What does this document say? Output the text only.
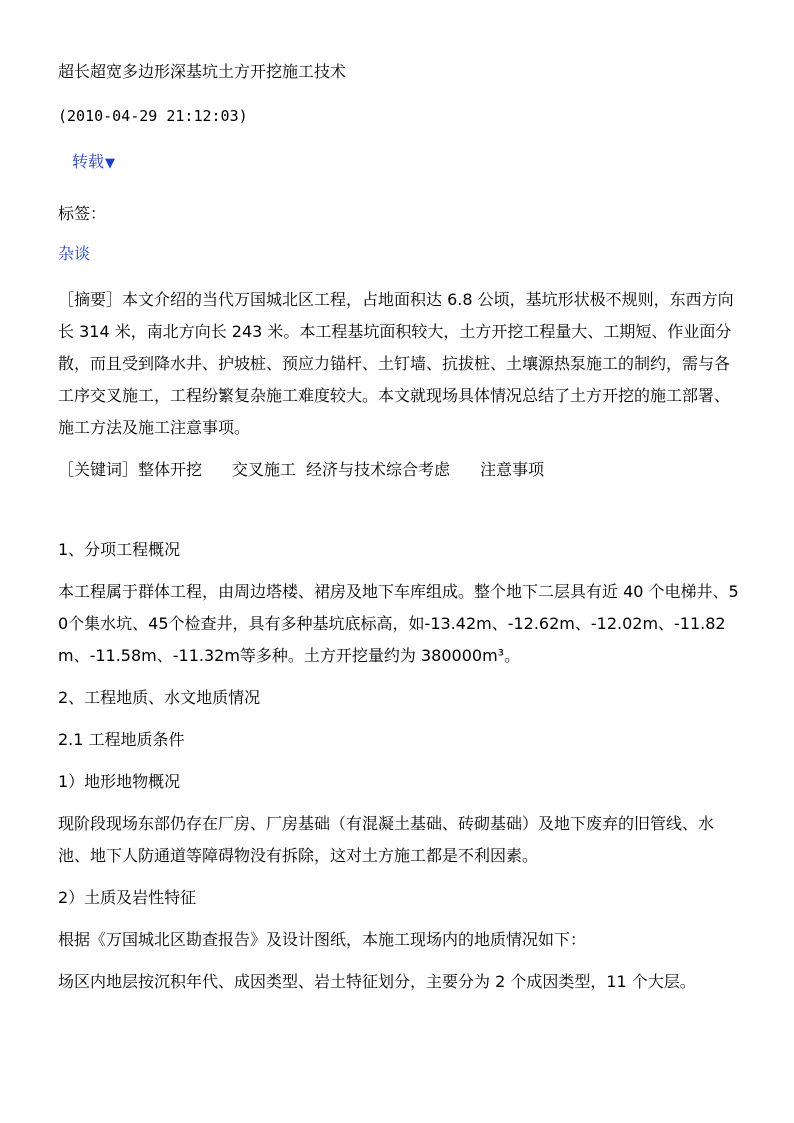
超长超宽多边形深基坑土方开挖施工技术
(2010-04-29 21:12:03)
转载▼
标签：
杂谈
［摘要］本文介绍的当代万国城北区工程，占地面积达 6.8 公顷，基坑形状极不规则，东西方向长 314 米，南北方向长 243 米。本工程基坑面积较大，土方开挖工程量大、工期短、作业面分散，而且受到降水井、护坡桩、预应力锚杆、土钉墙、抗拔桩、土壤源热泵施工的制约，需与各工序交叉施工，工程纷繁复杂施工难度较大。本文就现场具体情况总结了土方开挖的施工部署、施工方法及施工注意事项。
［关键词］整体开挖 交叉施工 经济与技术综合考虑 注意事项
1、分项工程概况
本工程属于群体工程，由周边塔楼、裙房及地下车库组成。整个地下二层具有近 40 个电梯井、50个集水坑、45个检查井，具有多种基坑底标高，如-13.42m、-12.62m、-12.02m、-11.82m、-11.58m、-11.32m等多种。土方开挖量约为 380000m³。
2、工程地质、水文地质情况
2.1 工程地质条件
1）地形地物概况
现阶段现场东部仍存在厂房、厂房基础（有混凝土基础、砖砌基础）及地下废弃的旧管线、水池、地下人防通道等障碍物没有拆除，这对土方施工都是不利因素。
2）土质及岩性特征
根据《万国城北区勘查报告》及设计图纸，本施工现场内的地质情况如下：
场区内地层按沉积年代、成因类型、岩土特征划分，主要分为 2 个成因类型，11 个大层。
